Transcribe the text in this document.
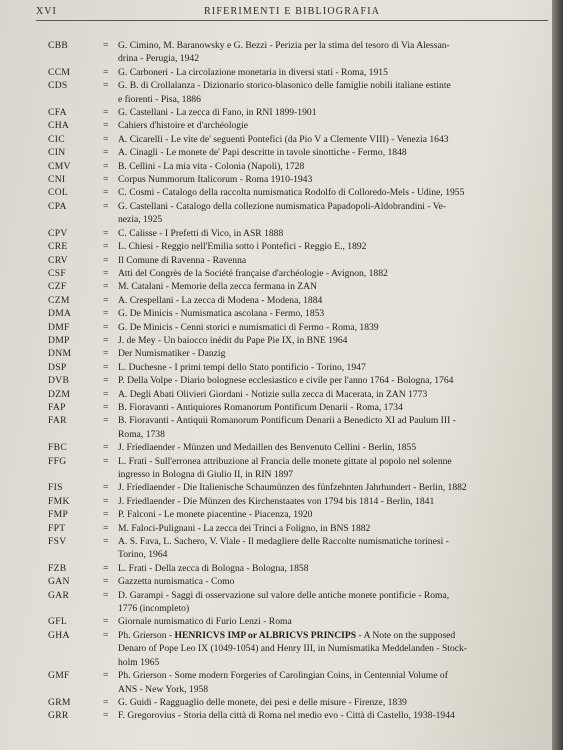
XVI	RIFERIMENTI E BIBLIOGRAFIA
CBB	= G. Cimino, M. Baranowsky e G. Bezzi - Perizia per la stima del tesoro di Via Alessan-
drina - Perugia, 1942
CCM	= G. Carboneri - La circolazione monetaria in diversi stati - Roma, 1915
CDS	= G. B. di Crollalanza - Dizionario storico-blasonico delle famiglie nobili italiane estinte
e fiorenti - Pisa, 1886
CFA	= G. Castellani - La zecca di Fano, in RNI 1899-1901
CHA	= Cahiers d'histoire et d'archéologie
CIC	= A. Cicarelli - Le vite de' seguenti Pontefici (da Pio V a Clemente VIII) - Venezia 1643
CIN	= A. Cinagli - Le monete de' Papi descritte in tavole sinottiche - Fermo, 1848
CMV	= B. Cellini - La mia vita - Colonia (Napoli), 1728
CNI	= Corpus Nummorum Italicorum - Roma 1910-1943
COL	= C. Cosmi - Catalogo della raccolta numismatica Rodolfo di Colloredo-Mels - Udine, 1955
CPA	= G. Castellani - Catalogo della collezione numismatica Papadopoli-Aldobrandini - Ve-
nezia, 1925
CPV	= C. Calisse - I Prefetti di Vico, in ASR 1888
CRE	= L. Chiesi - Reggio nell'Emilia sotto i Pontefici - Reggio E., 1892
CRV	= Il Comune di Ravenna - Ravenna
CSF	= Atti del Congrès de la Société française d'archéologie - Avignon, 1882
CZF	= M. Catalani - Memorie della zecca fermana in ZAN
CZM	= A. Crespellani - La zecca di Modena - Modena, 1884
DMA	= G. De Minicis - Numismatica ascolana - Fermo, 1853
DMF	= G. De Minicis - Cenni storici e numismatici di Fermo - Roma, 1839
DMP	= J. de Mey - Un baiocco inédit du Pape Pie IX, in BNE 1964
DNM	= Der Numismatiker - Danzig
DSP	= L. Duchesne - I primi tempi dello Stato pontificio - Torino, 1947
DVB	= P. Della Volpe - Diario bolognese ecclesiastico e civile per l'anno 1764 - Bologna, 1764
DZM	= A. Degli Abati Olivieri Giordani - Notizie sulla zecca di Macerata, in ZAN 1773
FAP	= B. Fioravanti - Antiquiores Romanorum Pontificum Denarii - Roma, 1734
FAR	= B. Fioravanti - Antiquii Romanorum Pontificum Denarii a Benedicto XI ad Paulum III -
Roma, 1738
FBC	= J. Friedlaender - Münzen und Medaillen des Benvenuto Cellini - Berlin, 1855
FFG	= L. Frati - Sull'erronea attribuzione al Francia delle monete gittate al popolo nel solenne
ingresso in Bologna di Giulio II, in RIN 1897
FIS	= J. Friedlaender - Die Italienische Schaumünzen des fünfzehnten Jahrhundert - Berlin, 1882
FMK	= J. Friedlaender - Die Münzen des Kirchenstaates von 1794 bis 1814 - Berlin, 1841
FMP	= P. Falconi - Le monete piacentine - Piacenza, 1920
FPT	= M. Faloci-Pulignani - La zecca dei Trinci a Foligno, in BNS 1882
FSV	= A. S. Fava, L. Sachero, V. Viale - Il medagliere delle Raccolte numismatiche torinesi -
Torino, 1964
FZB	= L. Frati - Della zecca di Bologna - Bologna, 1858
GAN	= Gazzetta numismatica - Como
GAR	= D. Garampi - Saggi di osservazione sul valore delle antiche monete pontificie - Roma,
1776 (incompleto)
GFL	= Giornale numismatico di Furio Lenzi - Roma
GHA	= Ph. Grierson - HENRICVS IMP or ALBRICVS PRINCIPS - A Note on the supposed
Denaro of Pope Leo IX (1049-1054) and Henry III, in Numismatika Meddelanden - Stock-
holm 1965
GMF	= Ph. Grierson - Some modern Forgeries of Carolingian Coins, in Centennial Volume of
ANS - New York, 1958
GRM	= G. Guidi - Ragguaglio delle monete, dei pesi e delle misure - Firenze, 1839
GRR	= F. Gregorovius - Storia della città di Roma nel medio evo - Città di Castello, 1938-1944
